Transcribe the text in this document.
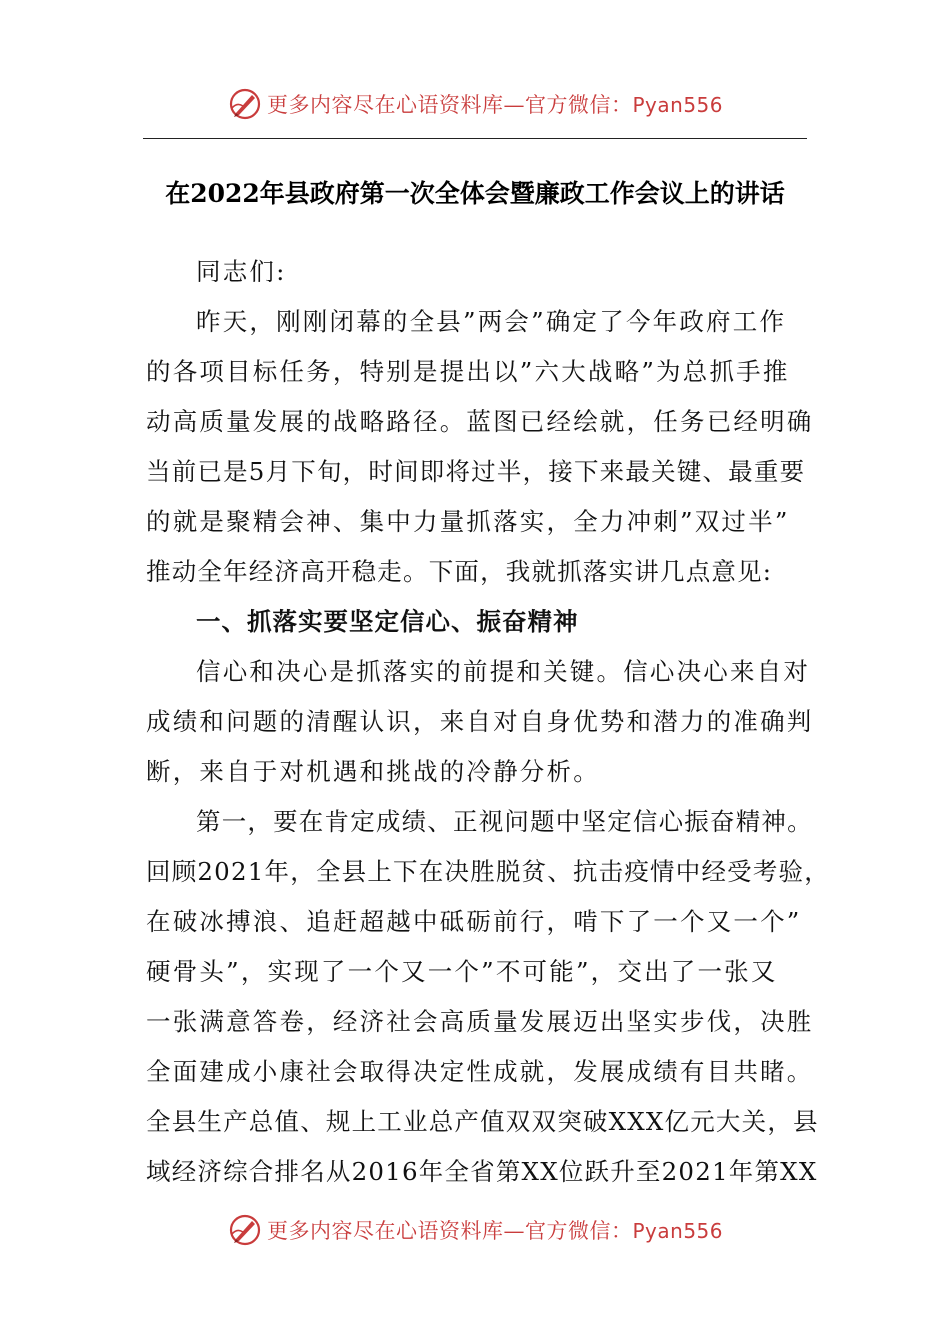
更多内容尽在心语资料库—官方微信：Pyan556
在2022年县政府第一次全体会暨廉政工作会议上的讲话
同志们:
昨天，刚刚闭幕的全县”两会”确定了今年政府工作
的各项目标任务，特别是提出以”六大战略”为总抓手推
动高质量发展的战略路径。蓝图已经绘就，任务已经明确
当前已是5月下旬，时间即将过半，接下来最关键、最重要
的就是聚精会神、集中力量抓落实，全力冲刺”双过半”
推动全年经济高开稳走。下面，我就抓落实讲几点意见:
一、抓落实要坚定信心、振奋精神
信心和决心是抓落实的前提和关键。信心决心来自对
成绩和问题的清醒认识，来自对自身优势和潜力的准确判
断，来自于对机遇和挑战的冷静分析。
第一，要在肯定成绩、正视问题中坚定信心振奋精神。
回顾2021年，全县上下在决胜脱贫、抗击疫情中经受考验，
在破冰搏浪、追赶超越中砥砺前行，啃下了一个又一个”
硬骨头”，实现了一个又一个”不可能”，交出了一张又
一张满意答卷，经济社会高质量发展迈出坚实步伐，决胜
全面建成小康社会取得决定性成就，发展成绩有目共睹。
全县生产总值、规上工业总产值双双突破XXX亿元大关，县
域经济综合排名从2016年全省第XX位跃升至2021年第XX
更多内容尽在心语资料库—官方微信：Pyan556
